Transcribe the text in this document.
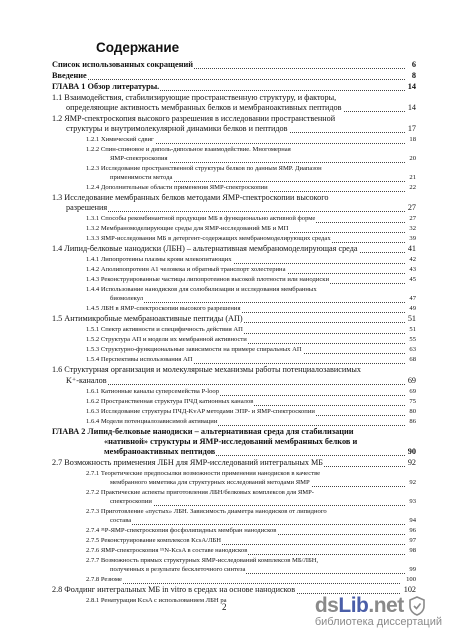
Содержание
Список использованных сокращений	6
Введение	8
ГЛАВА 1 Обзор литературы.	14
1.1 Взаимодействия, стабилизирующие пространственную структуру, и факторы,
определяющие активность мембранных белков и мембраноактивных пептидов	14
1.2 ЯМР-спектроскопия высокого разрешения в исследовании пространственной
структуры и внутримолекулярной динамики белков и пептидов	17
1.2.1 Химический сдвиг	18
1.2.2 Спин-спиновое и диполь-дипольное взаимодействие. Многомерная
ЯМР-спектроскопия	20
1.2.3 Исследование пространственной структуры белков по данным ЯМР. Диапазон
применимости метода	21
1.2.4 Дополнительные области применения ЯМР-спектроскопии	22
1.3 Исследование мембранных белков методами ЯМР-спектроскопии высокого
разрешения	27
1.3.1 Способы рекомбинантной продукции МБ в функционально активной форме	27
1.3.2 Мембраномоделирующие среды для ЯМР-исследований МБ и МП	32
1.3.3 ЯМР-исследования МБ в детергент-содержащих мембраномоделирующих средах	39
1.4 Липид-белковые нанодиски (ЛБН) – альтернативная мембраномоделирующая среда	41
1.4.1 Липопротеины плазмы крови млекопитающих	42
1.4.2 Аполипопротеин A1 человека и обратный транспорт холестерина	43
1.4.3 Реконструированные частицы липопротеинов высокой плотности или нанодиски	45
1.4.4 Использование нанодисков для солюбилизации и исследования мембранных
биомолекул	47
1.4.5 ЛБН в ЯМР-спектроскопии высокого разрешения	49
1.5 Антимикробные мембраноактивные пептиды (АП)	51
1.5.1 Спектр активности и специфичность действия АП	51
1.5.2 Структура АП и модели их мембранной активности	55
1.5.3 Структурно-функциональные зависимости на примере спиральных АП	63
1.5.4 Перспективы использования АП	68
1.6 Структурная организация и молекулярные механизмы работы потенциалозависимых
K⁺-каналов	69
1.6.1 Катионные каналы суперсемейства P-loop	69
1.6.2 Пространственная структура ПЧД катионных каналов	75
1.6.3 Исследование структуры ПЧД-KvAP методами ЭПР- и ЯМР-спектроскопии	80
1.6.4 Модели потенциалозависимой активации	86
ГЛАВА 2 Липид-белковые нанодиски – альтернативная среда для стабилизации
«нативной» структуры и ЯМР-исследований мембранных белков и
мембраноактивных пептидов	90
2.7 Возможность применения ЛБН для ЯМР-исследований интегральных МБ	92
2.7.1 Теоретические предпосылки возможности применения нанодисков в качестве
мембранного миметика для структурных исследований методами ЯМР	92
2.7.2 Практические аспекты приготовления ЛБН/белковых комплексов для ЯМР-
спектроскопии	93
2.7.3 Приготовление «пустых» ЛБН. Зависимость диаметра нанодисков от липидного
состава	94
2.7.4 ³¹P-ЯМР-спектроскопия фосфолипидных мембран нанодисков	96
2.7.5 Реконструирование комплексов KcsA/ЛБН	97
2.7.6 ЯМР-спектроскопия ¹⁵N-KcsA в составе нанодисков	98
2.7.7 Возможность прямых структурных ЯМР-исследований комплексов МБ/ЛБН,
полученных в результате бесклеточного синтеза	99
2.7.8 Резюме	100
2.8 Фолдинг интегральных МБ in vitro в средах на основе нанодисков	102
2.8.1 Ренатурация KcsA с использованием ЛБН pa
2	dsLib.net
библиотека диссертаций
